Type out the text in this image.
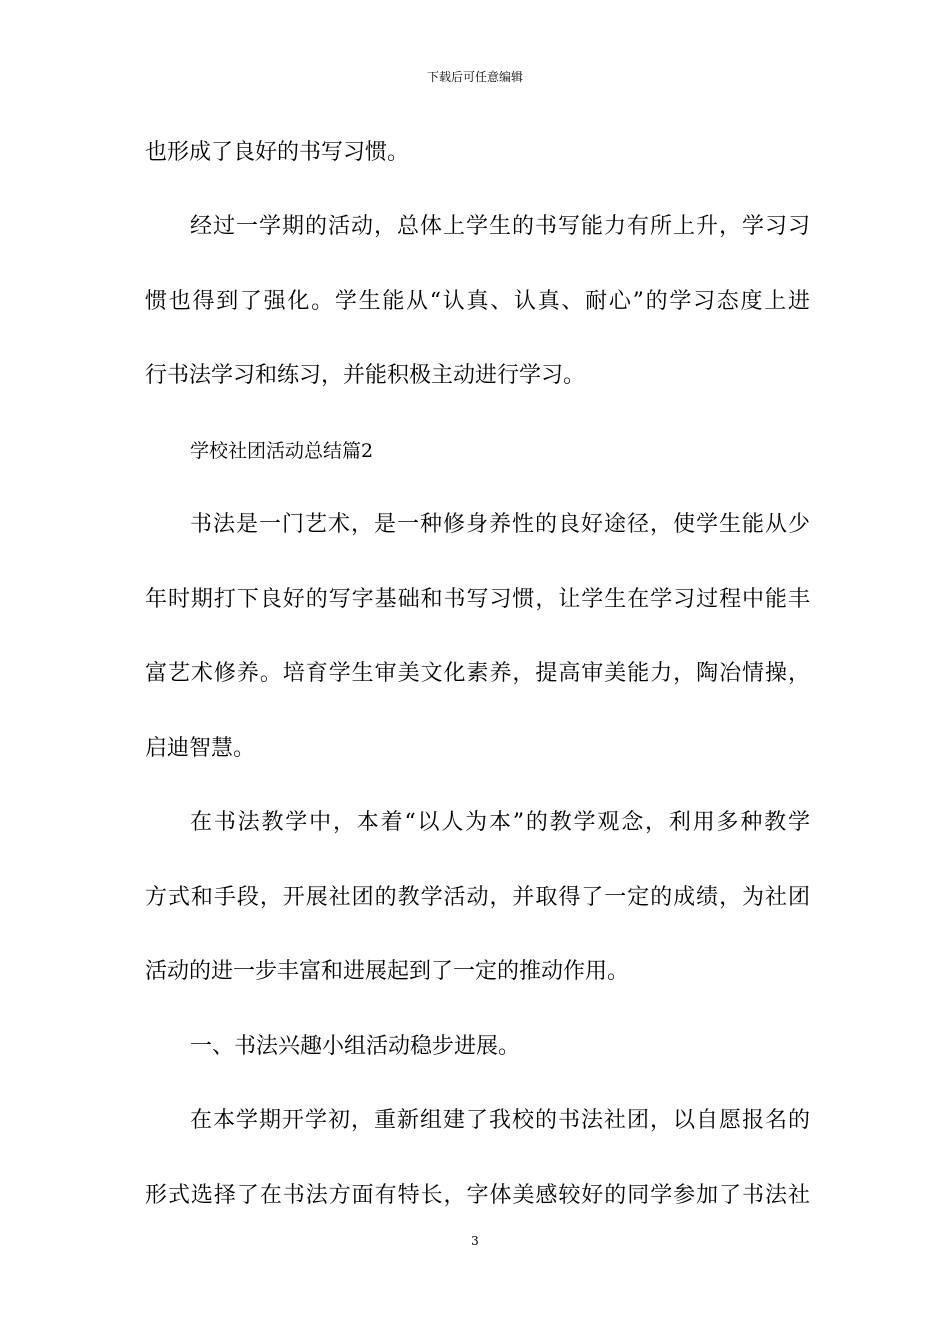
下载后可任意编辑
也形成了良好的书写习惯。
经过一学期的活动，总体上学生的书写能力有所上升，学习习
惯也得到了强化。学生能从“认真、认真、耐心”的学习态度上进
行书法学习和练习，并能积极主动进行学习。
学校社团活动总结篇2
书法是一门艺术，是一种修身养性的良好途径，使学生能从少
年时期打下良好的写字基础和书写习惯，让学生在学习过程中能丰
富艺术修养。培育学生审美文化素养，提高审美能力，陶冶情操，
启迪智慧。
在书法教学中，本着“以人为本”的教学观念，利用多种教学
方式和手段，开展社团的教学活动，并取得了一定的成绩，为社团
活动的进一步丰富和进展起到了一定的推动作用。
一、书法兴趣小组活动稳步进展。
在本学期开学初，重新组建了我校的书法社团，以自愿报名的
形式选择了在书法方面有特长，字体美感较好的同学参加了书法社
3
